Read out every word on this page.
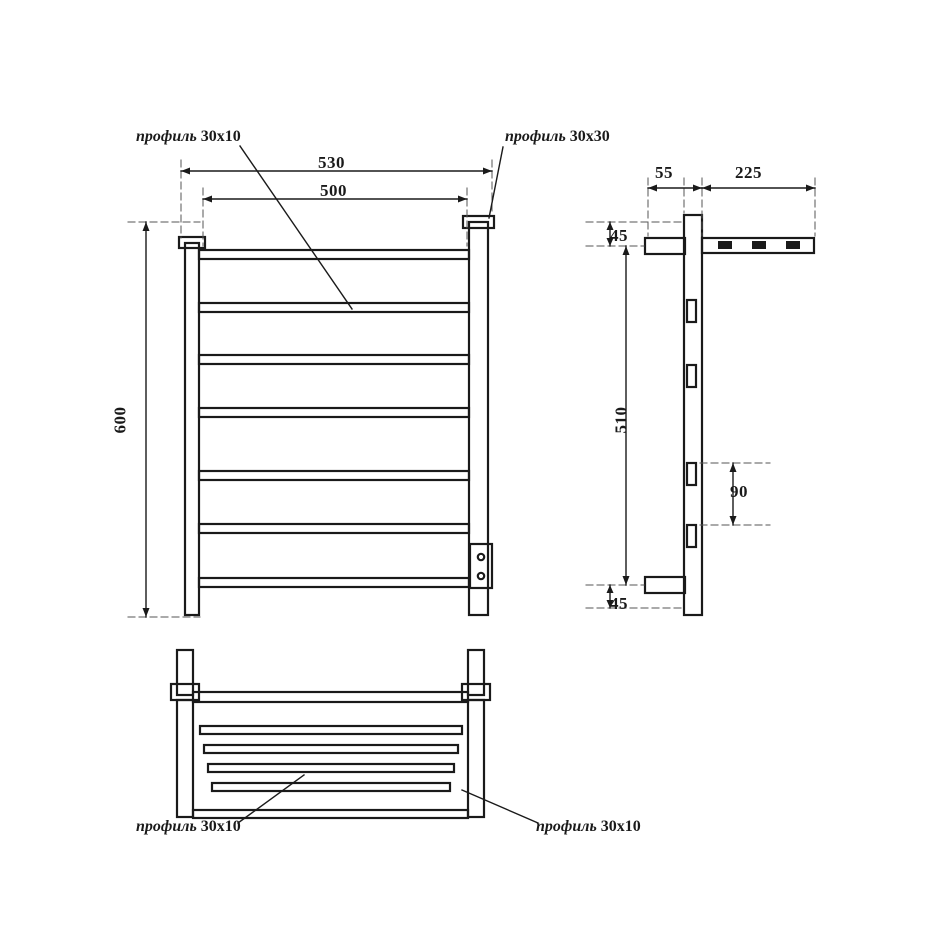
профиль 30x10	профиль 30x30
530
500
600
55	225
45
510
45
90
профиль 30x10	профиль 30x10
